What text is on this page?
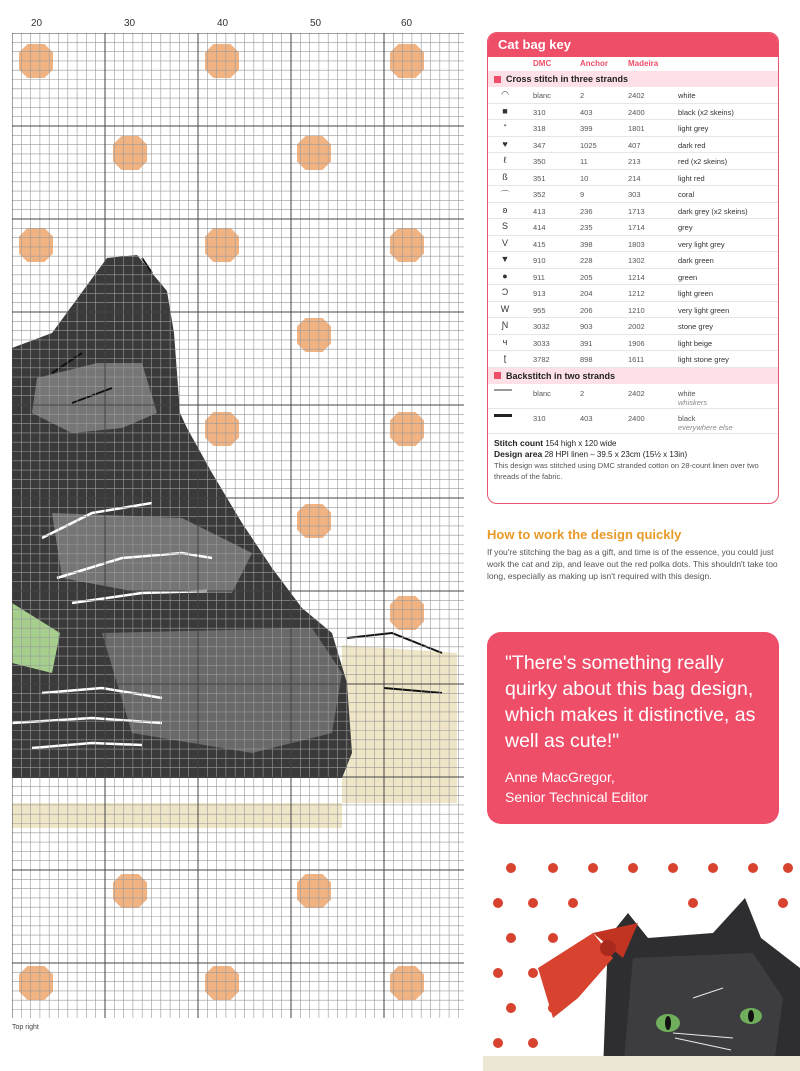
20	30	40	50	60
Top right
Cat bag key
DMC	Anchor	Madeira
Cross stitch in three strands
◠	blanc	2	2402	white
■	310	403	2400	black (x2 skeins)
ᐩ	318	399	1801	light grey
♥	347	1025	407	dark red
ℓ	350	11	213	red (x2 skeins)
ß	351	10	214	light red
⌒	352	9	303	coral
ʚ	413	236	1713	dark grey (x2 skeins)
S	414	235	1714	grey
V	415	398	1803	very light grey
▼	910	228	1302	dark green
●	911	205	1214	green
Ͻ	913	204	1212	light green
W	955	206	1210	very light green
Ɲ	3032	903	2002	stone grey
ч	3033	391	1906	light beige
ʈ	3782	898	1611	light stone grey
Backstitch in two strands
blanc	2	2402	white
whiskers
310	403	2400	black
everywhere else
Stitch count 154 high x 120 wide
Design area 28 HPI linen – 39.5 x 23cm (15½ x 13in)
This design was stitched using DMC stranded cotton on 28-count linen over two threads of the fabric.
How to work the design quickly
If you're stitching the bag as a gift, and time is of the essence, you could just work the cat and zip, and leave out the red polka dots. This shouldn't take too long, especially as making up isn't required with this design.
"There's something really quirky about this bag design, which makes it distinctive, as well as cute!"
Anne MacGregor,
Senior Technical Editor
